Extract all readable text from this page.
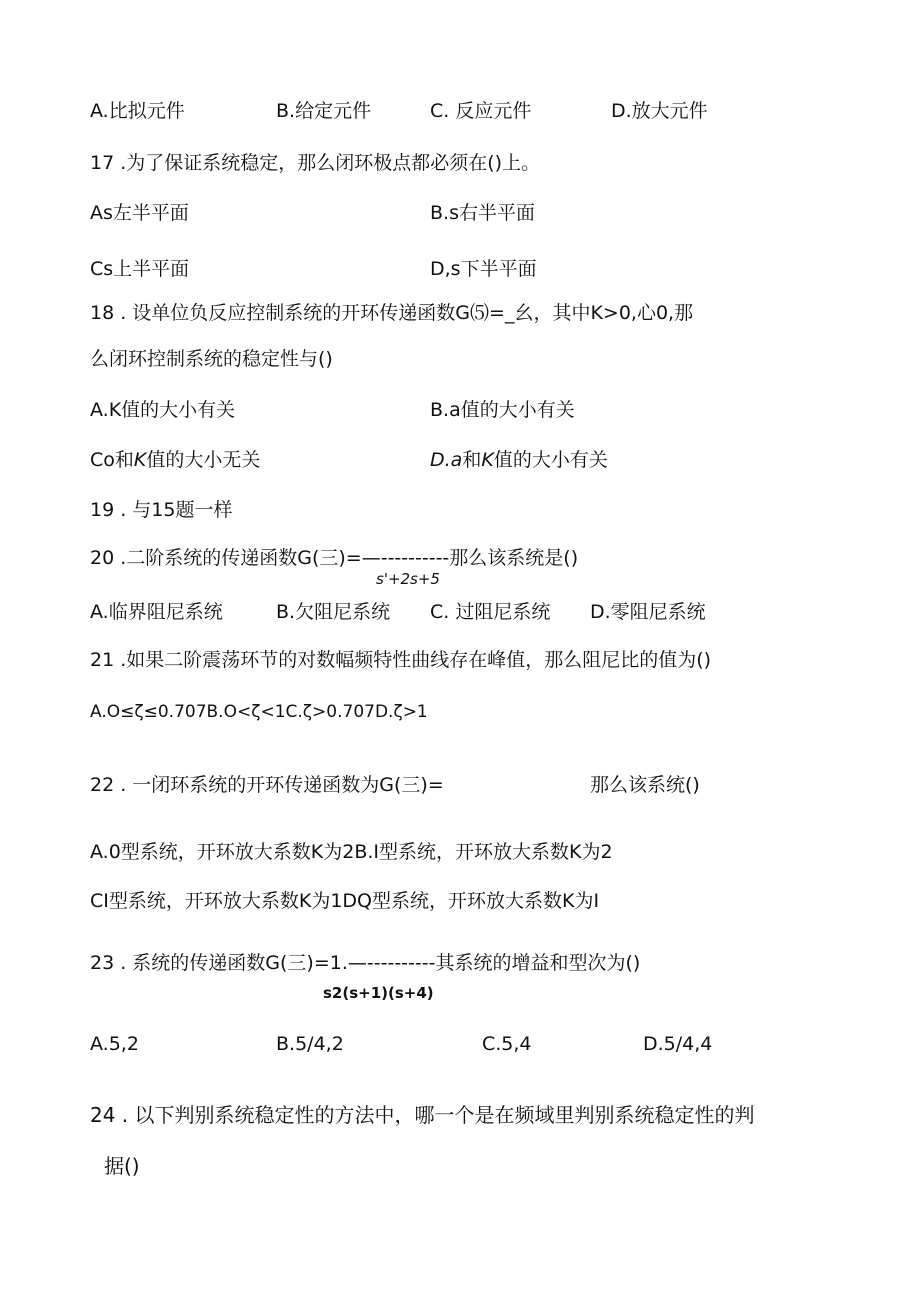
A.比拟元件	B.给定元件	C. 反应元件	D.放大元件
17 .为了保证系统稳定，那么闭环极点都必须在()上。
As左半平面	B.s右半平面
Cs上半平面	D,s下半平面
18 . 设单位负反应控制系统的开环传递函数G⑸=_幺，其中K>0,心0,那
么闭环控制系统的稳定性与()
A.K值的大小有关	B.a值的大小有关
Co和K值的大小无关	D.a和K值的大小有关
19 . 与15题一样
20 .二阶系统的传递函数G(三)=—----------那么该系统是()
s'+2s+5
A.临界阻尼系统	B.欠阻尼系统 C. 过阻尼系统 D.零阻尼系统
21 .如果二阶震荡环节的对数幅频特性曲线存在峰值，那么阻尼比的值为()
A.O≤ζ≤0.707B.O<ζ<1C.ζ>0.707D.ζ>1
22 . 一闭环系统的开环传递函数为G(三)=	那么该系统()
A.0型系统，开环放大系数K为2B.I型系统，开环放大系数K为2
CI型系统，开环放大系数K为1DQ型系统，开环放大系数K为I
23 . 系统的传递函数G(三)=1.—----------其系统的增益和型次为()
s2(s+1)(s+4)
A.5,2	B.5/4,2	C.5,4	D.5/4,4
24 . 以下判别系统稳定性的方法中，哪一个是在频域里判别系统稳定性的判
据()
